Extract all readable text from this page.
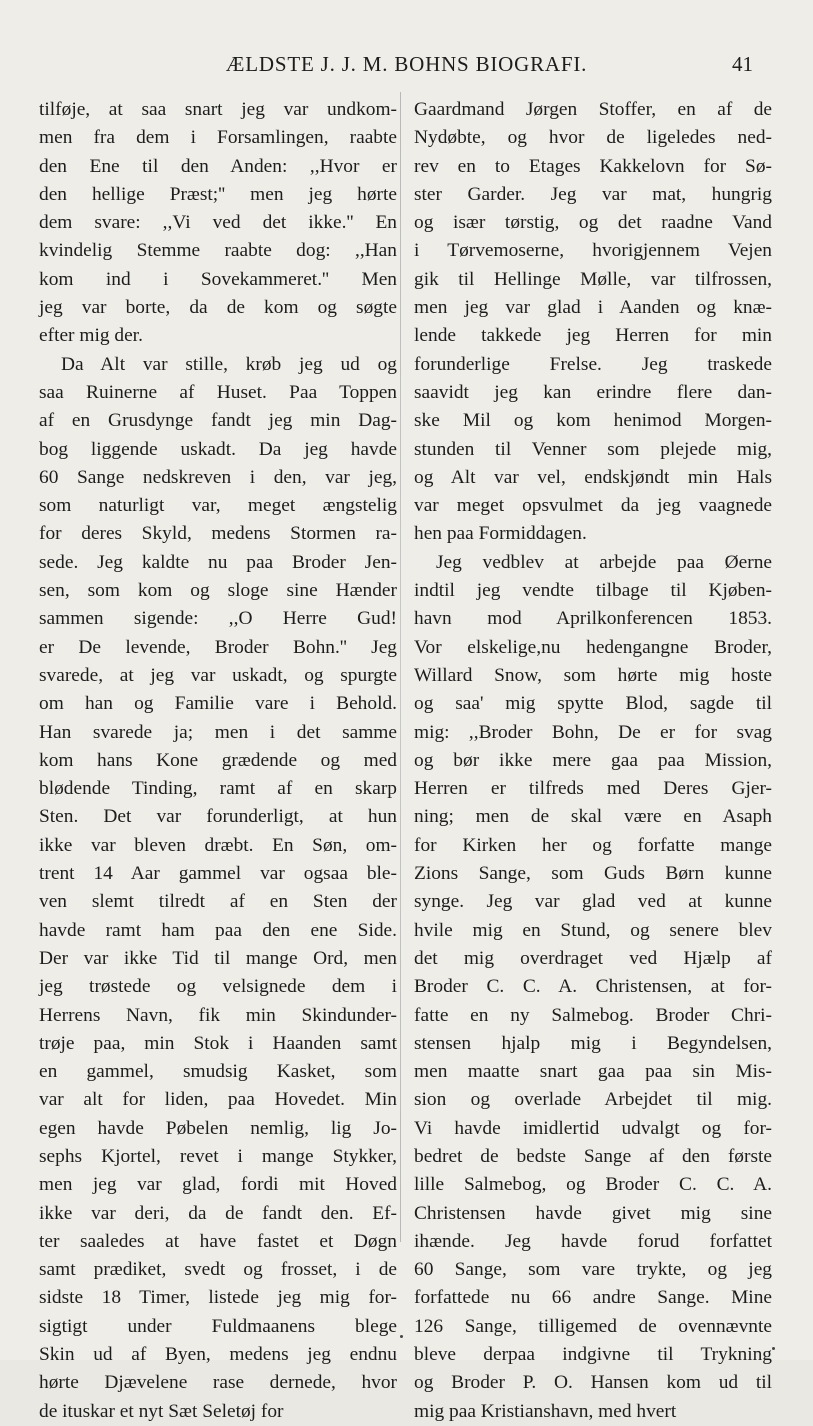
ÆLDSTE J. J. M. BOHNS BIOGRAFI.	41
tilføje, at saa snart jeg var undkom-
men fra dem i Forsamlingen, raabte
den Ene til den Anden: ,,Hvor er
den hellige Præst;'' men jeg hørte
dem svare: ,,Vi ved det ikke.'' En
kvindelig Stemme raabte dog: ,,Han
kom ind i Sovekammeret.'' Men
jeg var borte, da de kom og søgte
efter mig der.
Da Alt var stille, krøb jeg ud og
saa Ruinerne af Huset. Paa Toppen
af en Grusdynge fandt jeg min Dag-
bog liggende uskadt. Da jeg havde
60 Sange nedskreven i den, var jeg,
som naturligt var, meget ængstelig
for deres Skyld, medens Stormen ra-
sede. Jeg kaldte nu paa Broder Jen-
sen, som kom og sloge sine Hænder
sammen sigende: ,,O Herre Gud!
er De levende, Broder Bohn.'' Jeg
svarede, at jeg var uskadt, og spurgte
om han og Familie vare i Behold.
Han svarede ja; men i det samme
kom hans Kone grædende og med
blødende Tinding, ramt af en skarp
Sten. Det var forunderligt, at hun
ikke var bleven dræbt. En Søn, om-
trent 14 Aar gammel var ogsaa ble-
ven slemt tilredt af en Sten der
havde ramt ham paa den ene Side.
Der var ikke Tid til mange Ord, men
jeg trøstede og velsignede dem i
Herrens Navn, fik min Skindunder-
trøje paa, min Stok i Haanden samt
en gammel, smudsig Kasket, som
var alt for liden, paa Hovedet. Min
egen havde Pøbelen nemlig, lig Jo-
sephs Kjortel, revet i mange Stykker,
men jeg var glad, fordi mit Hoved
ikke var deri, da de fandt den. Ef-
ter saaledes at have fastet et Døgn
samt prædiket, svedt og frosset, i de
sidste 18 Timer, listede jeg mig for-
sigtigt under Fuldmaanens blege
Skin ud af Byen, medens jeg endnu
hørte Djævelene rase dernede, hvor
de ituskar et nyt Sæt Seletøj for
Gaardmand Jørgen Stoffer, en af de
Nydøbte, og hvor de ligeledes ned-
rev en to Etages Kakkelovn for Sø-
ster Garder. Jeg var mat, hungrig
og især tørstig, og det raadne Vand
i Tørvemoserne, hvorigjennem Vejen
gik til Hellinge Mølle, var tilfrossen,
men jeg var glad i Aanden og knæ-
lende takkede jeg Herren for min
forunderlige Frelse. Jeg traskede
saavidt jeg kan erindre flere dan-
ske Mil og kom henimod Morgen-
stunden til Venner som plejede mig,
og Alt var vel, endskjøndt min Hals
var meget opsvulmet da jeg vaagnede
hen paa Formiddagen.
Jeg vedblev at arbejde paa Øerne
indtil jeg vendte tilbage til Kjøben-
havn mod Aprilkonferencen 1853.
Vor elskelige,nu hedengangne Broder,
Willard Snow, som hørte mig hoste
og saa' mig spytte Blod, sagde til
mig: ,,Broder Bohn, De er for svag
og bør ikke mere gaa paa Mission,
Herren er tilfreds med Deres Gjer-
ning; men de skal være en Asaph
for Kirken her og forfatte mange
Zions Sange, som Guds Børn kunne
synge. Jeg var glad ved at kunne
hvile mig en Stund, og senere blev
det mig overdraget ved Hjælp af
Broder C. C. A. Christensen, at for-
fatte en ny Salmebog. Broder Chri-
stensen hjalp mig i Begyndelsen,
men maatte snart gaa paa sin Mis-
sion og overlade Arbejdet til mig.
Vi havde imidlertid udvalgt og for-
bedret de bedste Sange af den første
lille Salmebog, og Broder C. C. A.
Christensen havde givet mig sine
ihænde. Jeg havde forud forfattet
60 Sange, som vare trykte, og jeg
forfattede nu 66 andre Sange. Mine
126 Sange, tilligemed de ovennævnte
bleve derpaa indgivne til Trykning
og Broder P. O. Hansen kom ud til
mig paa Kristianshavn, med hvert
